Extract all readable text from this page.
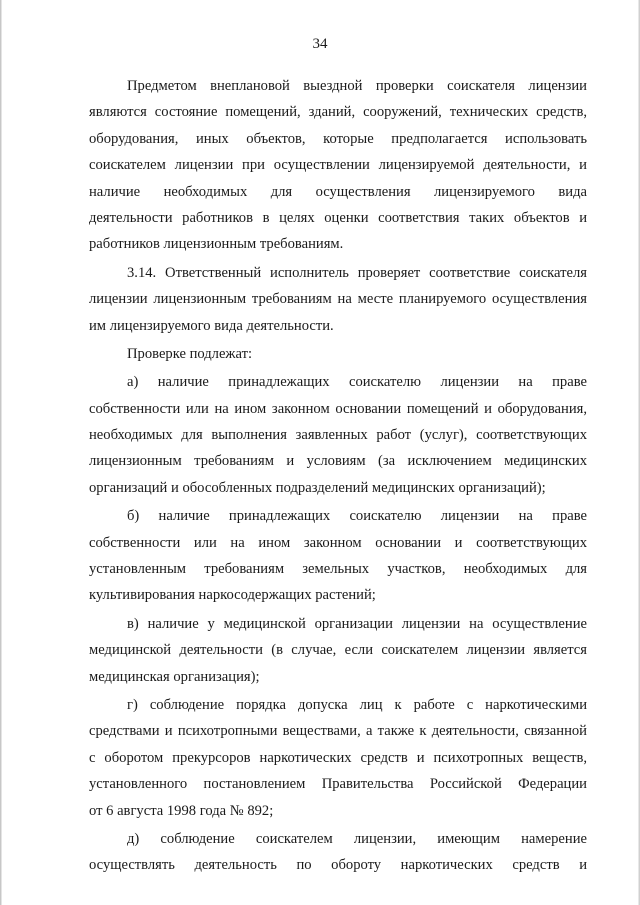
34
Предметом внеплановой выездной проверки соискателя лицензии
являются состояние помещений, зданий, сооружений, технических средств,
оборудования, иных объектов, которые предполагается использовать
соискателем лицензии при осуществлении лицензируемой деятельности, и
наличие необходимых для осуществления лицензируемого вида
деятельности работников в целях оценки соответствия таких объектов и
работников лицензионным требованиям.
3.14. Ответственный исполнитель проверяет соответствие соискателя
лицензии лицензионным требованиям на месте планируемого осуществления
им лицензируемого вида деятельности.
Проверке подлежат:
а) наличие принадлежащих соискателю лицензии на праве
собственности или на ином законном основании помещений и оборудования,
необходимых для выполнения заявленных работ (услуг), соответствующих
лицензионным требованиям и условиям (за исключением медицинских
организаций и обособленных подразделений медицинских организаций);
б) наличие принадлежащих соискателю лицензии на праве
собственности или на ином законном основании и соответствующих
установленным требованиям земельных участков, необходимых для
культивирования наркосодержащих растений;
в) наличие у медицинской организации лицензии на осуществление
медицинской деятельности (в случае, если соискателем лицензии является
медицинская организация);
г) соблюдение порядка допуска лиц к работе с наркотическими
средствами и психотропными веществами, а также к деятельности, связанной
с оборотом прекурсоров наркотических средств и психотропных веществ,
установленного постановлением Правительства Российской Федерации
от 6 августа 1998 года № 892;
д) соблюдение соискателем лицензии, имеющим намерение
осуществлять деятельность по обороту наркотических средств и
